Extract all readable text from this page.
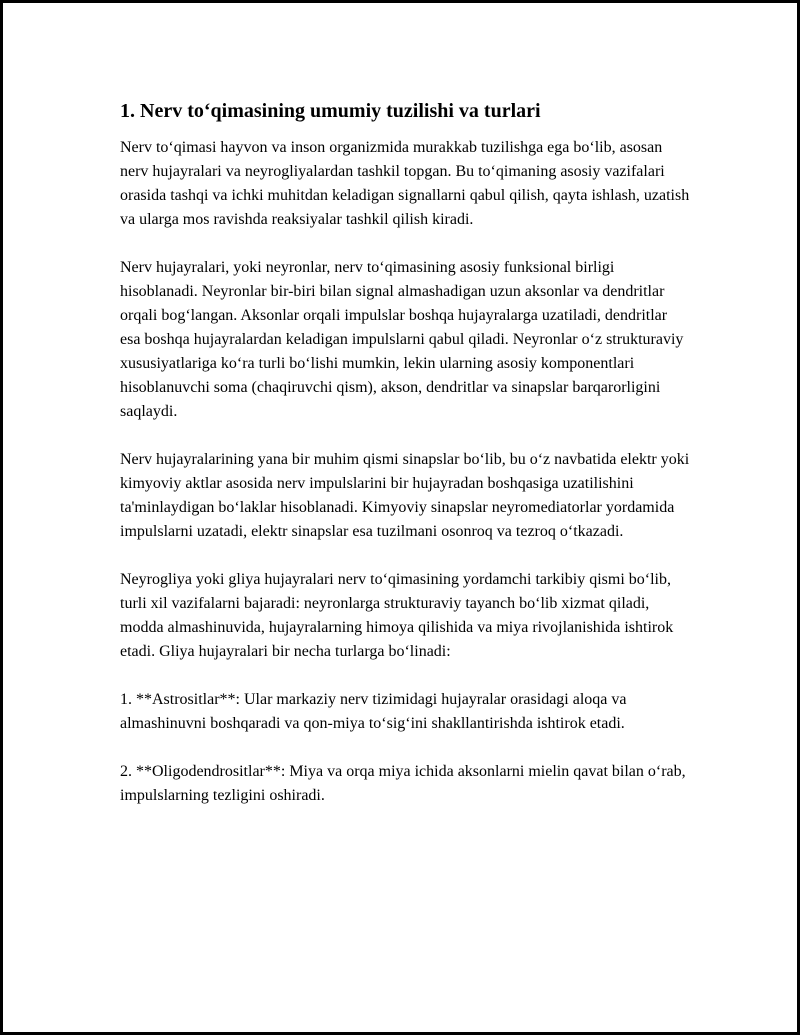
1. Nerv to‘qimasining umumiy tuzilishi va turlari

Nerv to‘qimasi hayvon va inson organizmida murakkab tuzilishga ega bo‘lib, asosan nerv hujayralari va neyrogliyalardan tashkil topgan. Bu to‘qimaning asosiy vazifalari orasida tashqi va ichki muhitdan keladigan signallarni qabul qilish, qayta ishlash, uzatish va ularga mos ravishda reaksiyalar tashkil qilish kiradi.

Nerv hujayralari, yoki neyronlar, nerv to‘qimasining asosiy funksional birligi hisoblanadi. Neyronlar bir-biri bilan signal almashadigan uzun aksonlar va dendritlar orqali bog‘langan. Aksonlar orqali impulslar boshqa hujayralarga uzatiladi, dendritlar esa boshqa hujayralardan keladigan impulslarni qabul qiladi. Neyronlar o‘z strukturaviy xususiyatlariga ko‘ra turli bo‘lishi mumkin, lekin ularning asosiy komponentlari hisoblanuvchi soma (chaqiruvchi qism), akson, dendritlar va sinapslar barqarorligini saqlaydi.

Nerv hujayralarining yana bir muhim qismi sinapslar bo‘lib, bu o‘z navbatida elektr yoki kimyoviy aktlar asosida nerv impulslarini bir hujayradan boshqasiga uzatilishini ta'minlaydigan bo‘laklar hisoblanadi. Kimyoviy sinapslar neyromediatorlar yordamida impulslarni uzatadi, elektr sinapslar esa tuzilmani osonroq va tezroq o‘tkazadi.

Neyrogliya yoki gliya hujayralari nerv to‘qimasining yordamchi tarkibiy qismi bo‘lib, turli xil vazifalarni bajaradi: neyronlarga strukturaviy tayanch bo‘lib xizmat qiladi, modda almashinuvida, hujayralarning himoya qilishida va miya rivojlanishida ishtirok etadi. Gliya hujayralari bir necha turlarga bo‘linadi:

1. **Astrositlar**: Ular markaziy nerv tizimidagi hujayralar orasidagi aloqa va almashinuvni boshqaradi va qon-miya to‘sig‘ini shakllantirishda ishtirok etadi.

2. **Oligodendrositlar**: Miya va orqa miya ichida aksonlarni mielin qavat bilan o‘rab, impulslarning tezligini oshiradi.
